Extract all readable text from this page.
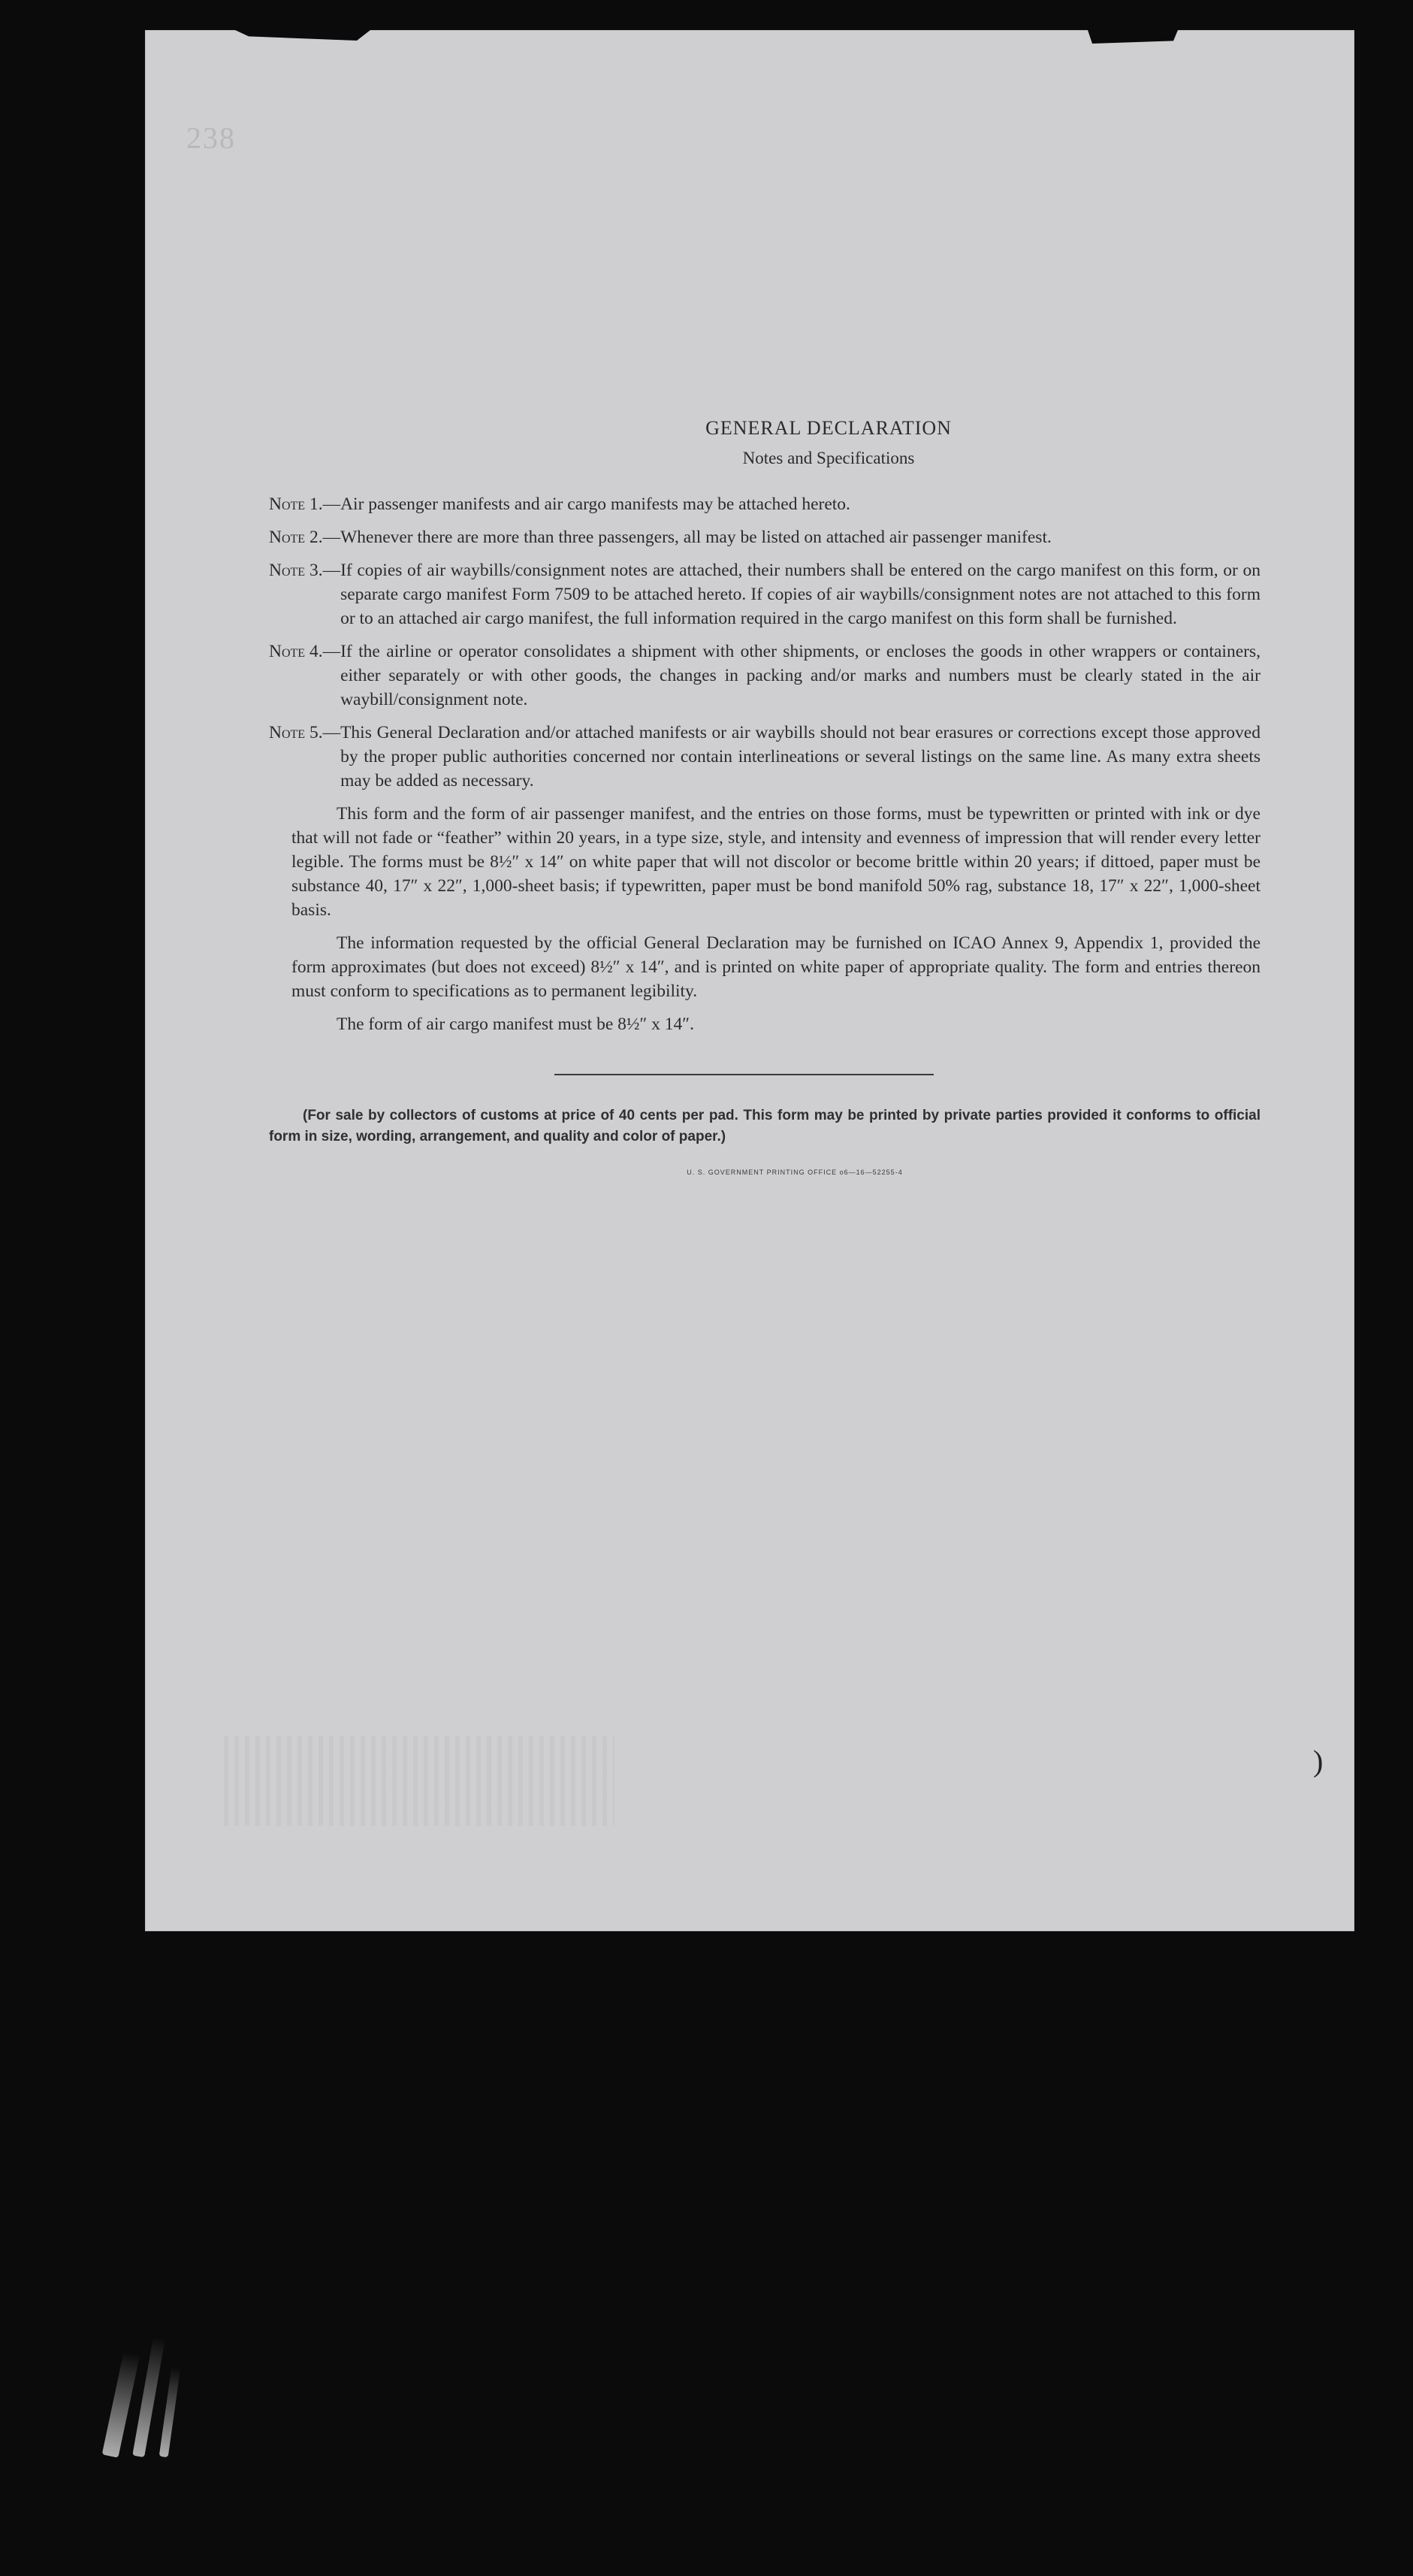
238
GENERAL DECLARATION
Notes and Specifications
Note 1.— Air passenger manifests and air cargo manifests may be attached hereto.
Note 2.— Whenever there are more than three passengers, all may be listed on attached air passenger manifest.
Note 3.— If copies of air waybills/consignment notes are attached, their numbers shall be entered on the cargo manifest on this form, or on separate cargo manifest Form 7509 to be attached hereto. If copies of air waybills/consignment notes are not attached to this form or to an attached air cargo manifest, the full information required in the cargo manifest on this form shall be furnished.
Note 4.— If the airline or operator consolidates a shipment with other shipments, or encloses the goods in other wrappers or containers, either separately or with other goods, the changes in packing and/or marks and numbers must be clearly stated in the air waybill/consignment note.
Note 5.— This General Declaration and/or attached manifests or air waybills should not bear erasures or corrections except those approved by the proper public authorities concerned nor contain interlineations or several listings on the same line. As many extra sheets may be added as necessary.

This form and the form of air passenger manifest, and the entries on those forms, must be typewritten or printed with ink or dye that will not fade or “feather” within 20 years, in a type size, style, and intensity and evenness of impression that will render every letter legible. The forms must be 8½″ x 14″ on white paper that will not discolor or become brittle within 20 years; if dittoed, paper must be substance 40, 17″ x 22″, 1,000-sheet basis; if typewritten, paper must be bond manifold 50% rag, substance 18, 17″ x 22″, 1,000-sheet basis.

The information requested by the official General Declaration may be furnished on ICAO Annex 9, Appendix 1, provided the form approximates (but does not exceed) 8½″ x 14″, and is printed on white paper of appropriate quality. The form and entries thereon must conform to specifications as to permanent legibility.

The form of air cargo manifest must be 8½″ x 14″.

(For sale by collectors of customs at price of 40 cents per pad. This form may be printed by private parties provided it conforms to official form in size, wording, arrangement, and quality and color of paper.)

U. S. GOVERNMENT PRINTING OFFICE o6—16—52255-4
)
